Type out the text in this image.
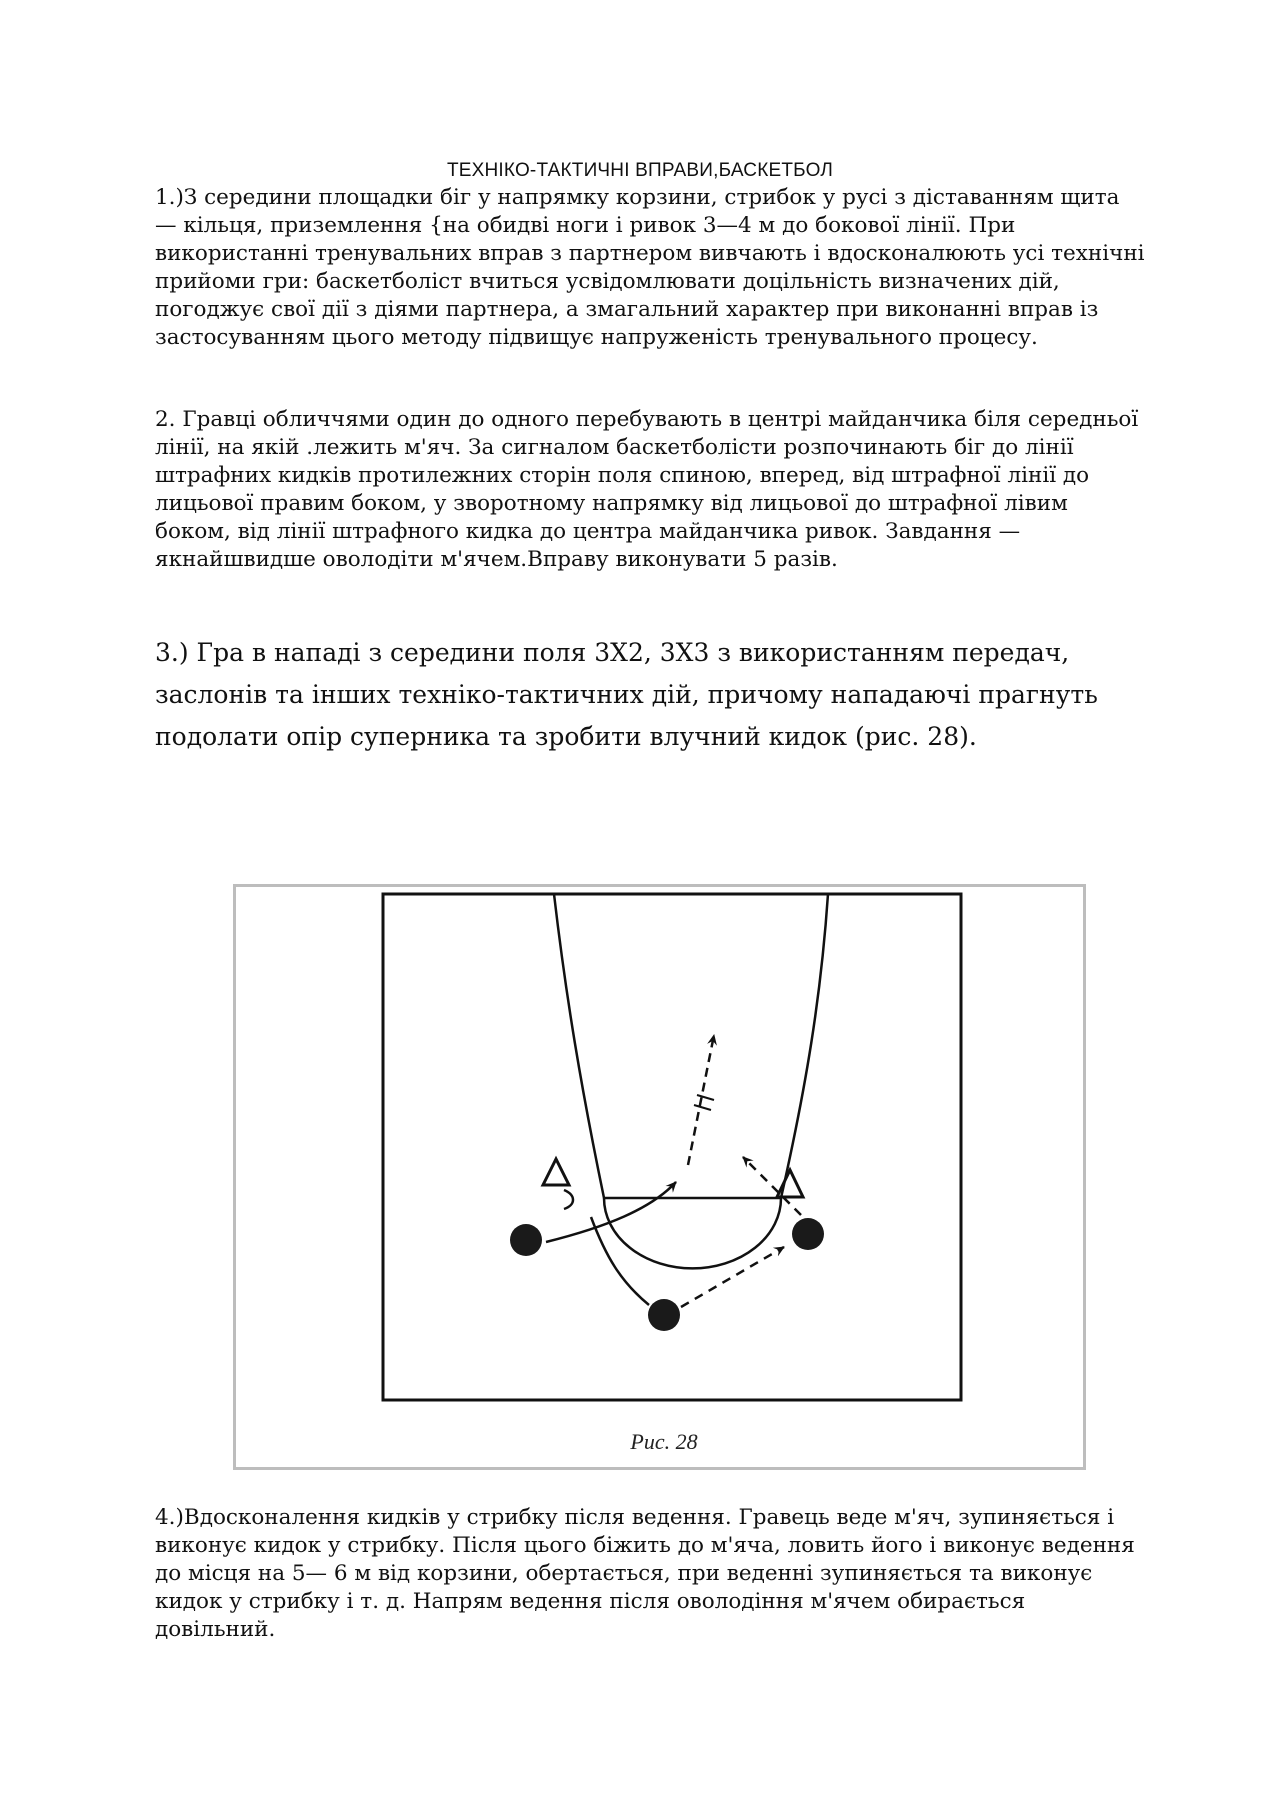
ТЕХНІКО-ТАКТИЧНІ ВПРАВИ,БАСКЕТБОЛ

1.)З середини площадки біг у напрямку корзини, стрибок у русі з діставанням щита — кільця, приземлення {на обидві ноги і ривок 3—4 м до бокової лінії. При використанні тренувальних вправ з партнером вивчають і вдосконалюють усі технічні прийоми гри: баскетболіст вчиться усвідомлювати доцільність визначених дій, погоджує свої дії з діями партнера, а змагальний характер при виконанні вправ із застосуванням цього методу підвищує напруженість тренувального процесу.

2. Гравці обличчями один до одного перебувають в центрі майданчика біля середньої лінії, на якій .лежить м'яч. За сигналом баскетболісти розпочинають біг до лінії штрафних кидків протилежних сторін поля спиною, вперед, від штрафної лінії до лицьової правим боком, у зворотному напрямку від лицьової до штрафної лівим боком, від лінії штрафного кидка до центра майданчика ривок. Завдання — якнайшвидше оволодіти м'ячем.Вправу виконувати 5 разів.

3.) Гра в нападі з середини поля 3Х2, 3Х3 з використанням передач, заслонів та інших техніко-тактичних дій, причому нападаючі прагнуть подолати опір суперника та зробити влучний кидок (рис. 28).

Рис. 28

4.)Вдосконалення кидків у стрибку після ведення. Гравець веде м'яч, зупиняється і виконує кидок у стрибку. Після цього біжить до м'яча, ловить його і виконує ведення до місця на 5— 6 м від корзини, обертається, при веденні зупиняється та виконує кидок у стрибку і т. д. Напрям ведення після оволодіння м'ячем обирається довільний.
